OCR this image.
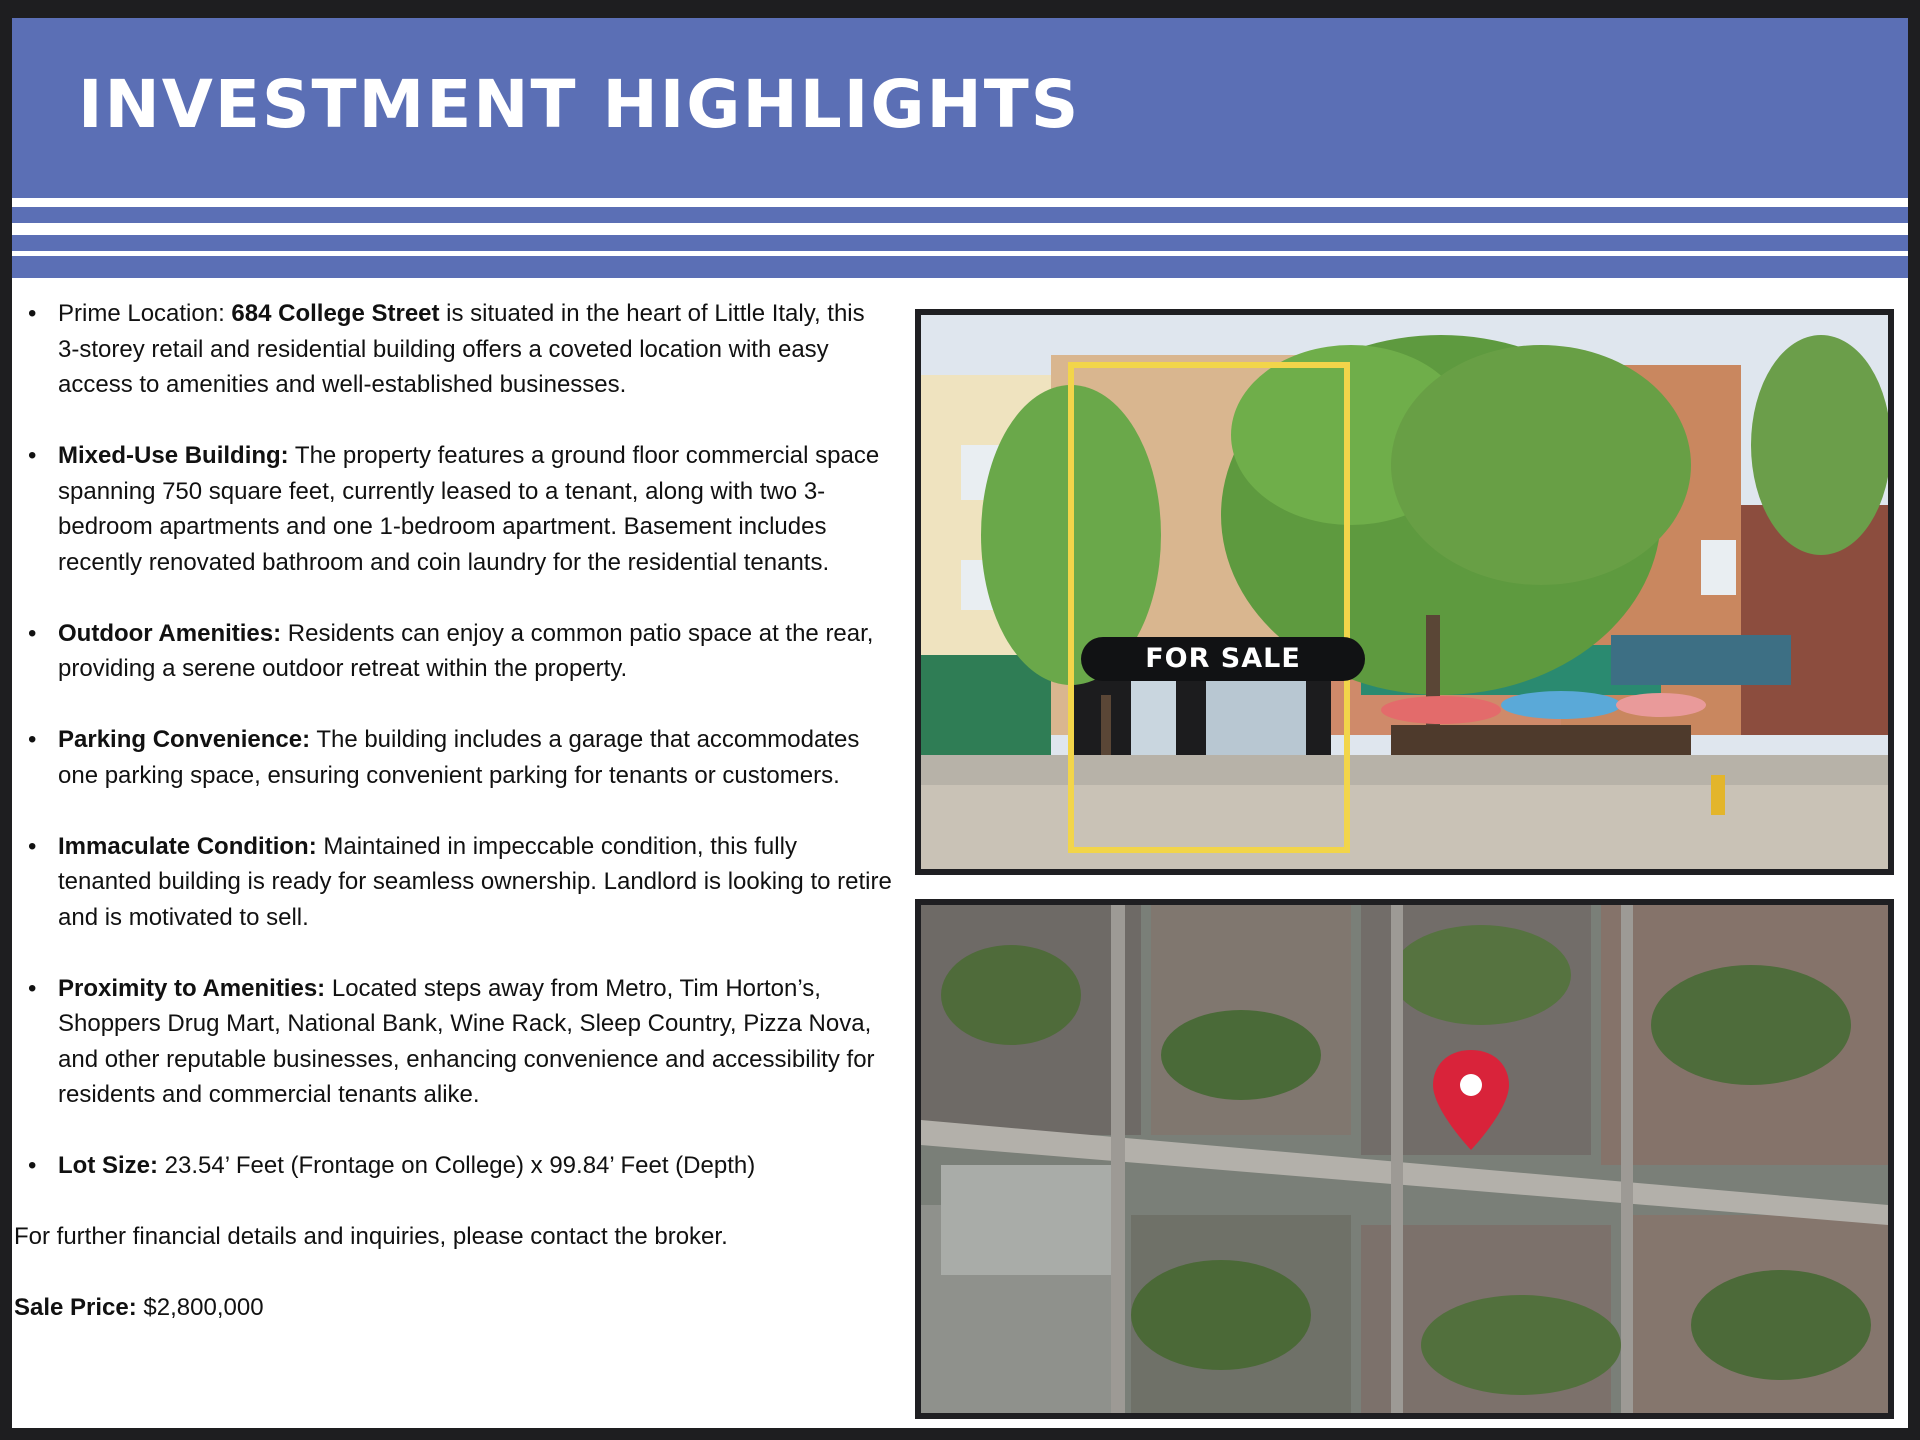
INVESTMENT HIGHLIGHTS
• Prime Location: 684 College Street is situated in the heart of Little Italy, this 3-storey retail and residential building offers a coveted location with easy access to amenities and well-established businesses.
• Mixed-Use Building: The property features a ground floor commercial space spanning 750 square feet, currently leased to a tenant, along with two 3-bedroom apartments and one 1-bedroom apartment. Basement includes recently renovated bathroom and coin laundry for the residential tenants.
• Outdoor Amenities: Residents can enjoy a common patio space at the rear, providing a serene outdoor retreat within the property.
• Parking Convenience: The building includes a garage that accommodates one parking space, ensuring convenient parking for tenants or customers.
• Immaculate Condition: Maintained in impeccable condition, this fully tenanted building is ready for seamless ownership. Landlord is looking to retire and is motivated to sell.
• Proximity to Amenities: Located steps away from Metro, Tim Horton’s, Shoppers Drug Mart, National Bank, Wine Rack, Sleep Country, Pizza Nova, and other reputable businesses, enhancing convenience and accessibility for residents and commercial tenants alike.
• Lot Size: 23.54’ Feet (Frontage on College) x 99.84’ Feet (Depth)

For further financial details and inquiries, please contact the broker.

Sale Price: $2,800,000

FOR SALE
